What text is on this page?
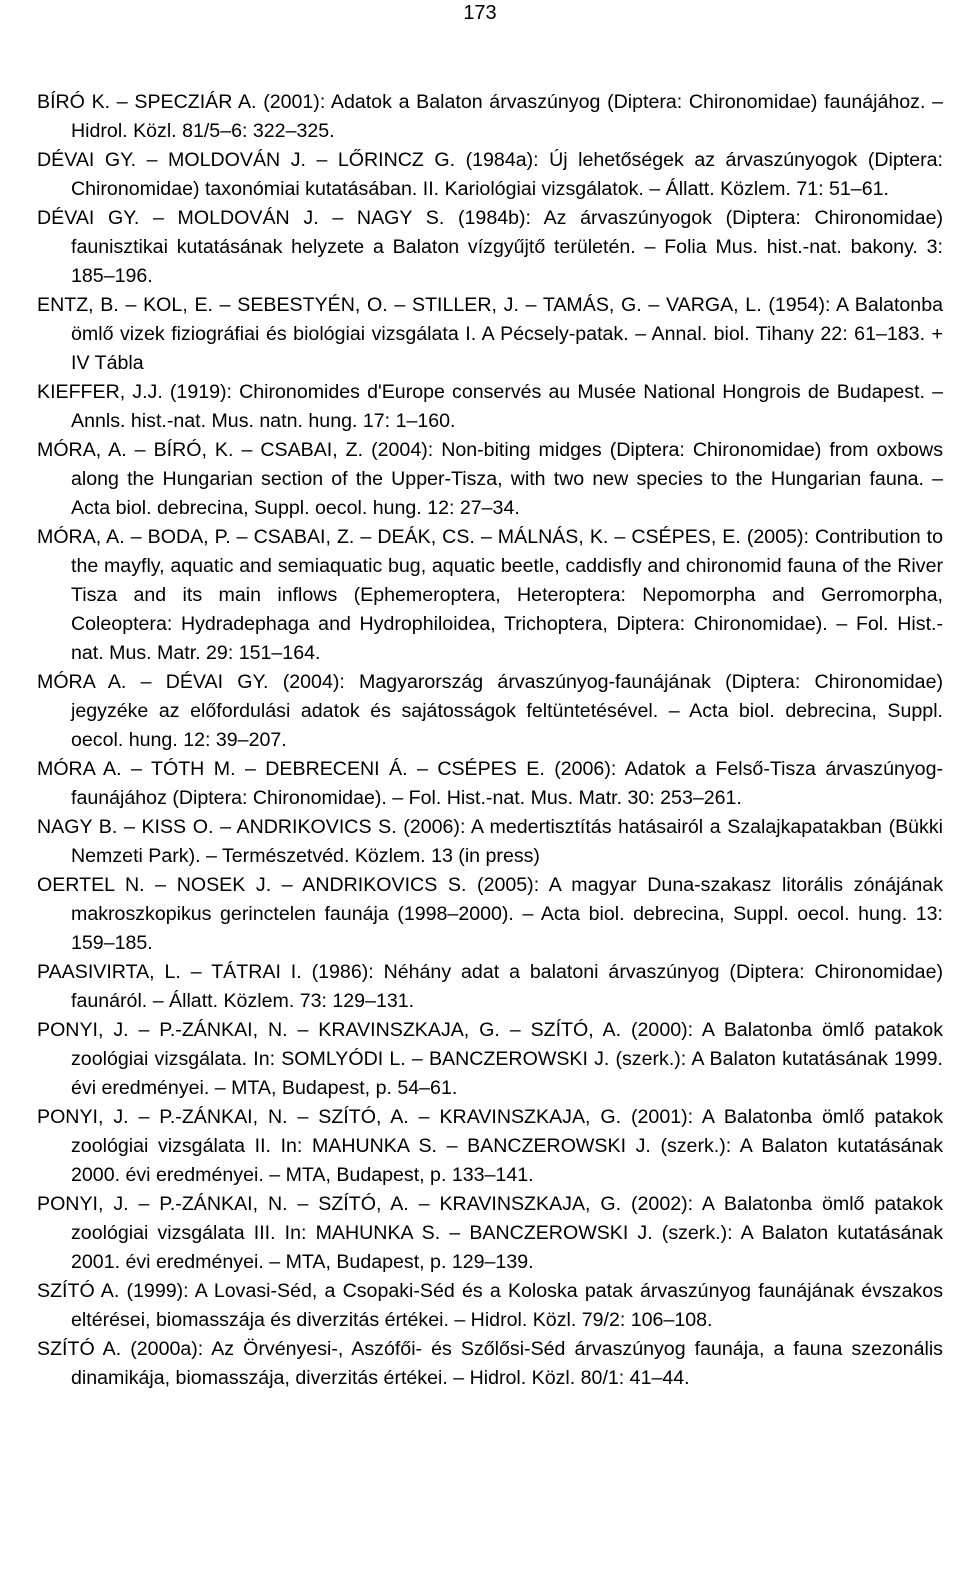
173

BÍRÓ K. – SPECZIÁR A. (2001): Adatok a Balaton árvaszúnyog (Diptera: Chironomidae) faunájához. – Hidrol. Közl. 81/5–6: 322–325.

DÉVAI GY. – MOLDOVÁN J. – LŐRINCZ G. (1984a): Új lehetőségek az árvaszúnyogok (Diptera: Chironomidae) taxonómiai kutatásában. II. Kariológiai vizsgálatok. – Állatt. Közlem. 71: 51–61.

DÉVAI GY. – MOLDOVÁN J. – NAGY S. (1984b): Az árvaszúnyogok (Diptera: Chironomidae) faunisztikai kutatásának helyzete a Balaton vízgyűjtő területén. – Folia Mus. hist.-nat. bakony. 3: 185–196.

ENTZ, B. – KOL, E. – SEBESTYÉN, O. – STILLER, J. – TAMÁS, G. – VARGA, L. (1954): A Balatonba ömlő vizek fiziográfiai és biológiai vizsgálata I. A Pécsely-patak. – Annal. biol. Tihany 22: 61–183. + IV Tábla

KIEFFER, J.J. (1919): Chironomides d'Europe conservés au Musée National Hongrois de Budapest. – Annls. hist.-nat. Mus. natn. hung. 17: 1–160.

MÓRA, A. – BÍRÓ, K. – CSABAI, Z. (2004): Non-biting midges (Diptera: Chironomidae) from oxbows along the Hungarian section of the Upper-Tisza, with two new species to the Hungarian fauna. – Acta biol. debrecina, Suppl. oecol. hung. 12: 27–34.

MÓRA, A. – BODA, P. – CSABAI, Z. – DEÁK, CS. – MÁLNÁS, K. – CSÉPES, E. (2005): Contribution to the mayfly, aquatic and semiaquatic bug, aquatic beetle, caddisfly and chironomid fauna of the River Tisza and its main inflows (Ephemeroptera, Heteroptera: Nepomorpha and Gerromorpha, Coleoptera: Hydradephaga and Hydrophiloidea, Trichoptera, Diptera: Chironomidae). – Fol. Hist.-nat. Mus. Matr. 29: 151–164.

MÓRA A. – DÉVAI GY. (2004): Magyarország árvaszúnyog-faunájának (Diptera: Chironomidae) jegyzéke az előfordulási adatok és sajátosságok feltüntetésével. – Acta biol. debrecina, Suppl. oecol. hung. 12: 39–207.

MÓRA A. – TÓTH M. – DEBRECENI Á. – CSÉPES E. (2006): Adatok a Felső-Tisza árvaszúnyog-faunájához (Diptera: Chironomidae). – Fol. Hist.-nat. Mus. Matr. 30: 253–261.

NAGY B. – KISS O. – ANDRIKOVICS S. (2006): A medertisztítás hatásairól a Szalajkapatakban (Bükki Nemzeti Park). – Természetvéd. Közlem. 13 (in press)

OERTEL N. – NOSEK J. – ANDRIKOVICS S. (2005): A magyar Duna-szakasz litorális zónájának makroszkopikus gerinctelen faunája (1998–2000). – Acta biol. debrecina, Suppl. oecol. hung. 13: 159–185.

PAASIVIRTA, L. – TÁTRAI I. (1986): Néhány adat a balatoni árvaszúnyog (Diptera: Chironomidae) faunáról. – Állatt. Közlem. 73: 129–131.

PONYI, J. – P.-ZÁNKAI, N. – KRAVINSZKAJA, G. – SZÍTÓ, A. (2000): A Balatonba ömlő patakok zoológiai vizsgálata. In: SOMLYÓDI L. – BANCZEROWSKI J. (szerk.): A Balaton kutatásának 1999. évi eredményei. – MTA, Budapest, p. 54–61.

PONYI, J. – P.-ZÁNKAI, N. – SZÍTÓ, A. – KRAVINSZKAJA, G. (2001): A Balatonba ömlő patakok zoológiai vizsgálata II. In: MAHUNKA S. – BANCZEROWSKI J. (szerk.): A Balaton kutatásának 2000. évi eredményei. – MTA, Budapest, p. 133–141.

PONYI, J. – P.-ZÁNKAI, N. – SZÍTÓ, A. – KRAVINSZKAJA, G. (2002): A Balatonba ömlő patakok zoológiai vizsgálata III. In: MAHUNKA S. – BANCZEROWSKI J. (szerk.): A Balaton kutatásának 2001. évi eredményei. – MTA, Budapest, p. 129–139.

SZÍTÓ A. (1999): A Lovasi-Séd, a Csopaki-Séd és a Koloska patak árvaszúnyog faunájának évszakos eltérései, biomasszája és diverzitás értékei. – Hidrol. Közl. 79/2: 106–108.

SZÍTÓ A. (2000a): Az Örvényesi-, Aszófői- és Szőlősi-Séd árvaszúnyog faunája, a fauna szezonális dinamikája, biomasszája, diverzitás értékei. – Hidrol. Közl. 80/1: 41–44.
